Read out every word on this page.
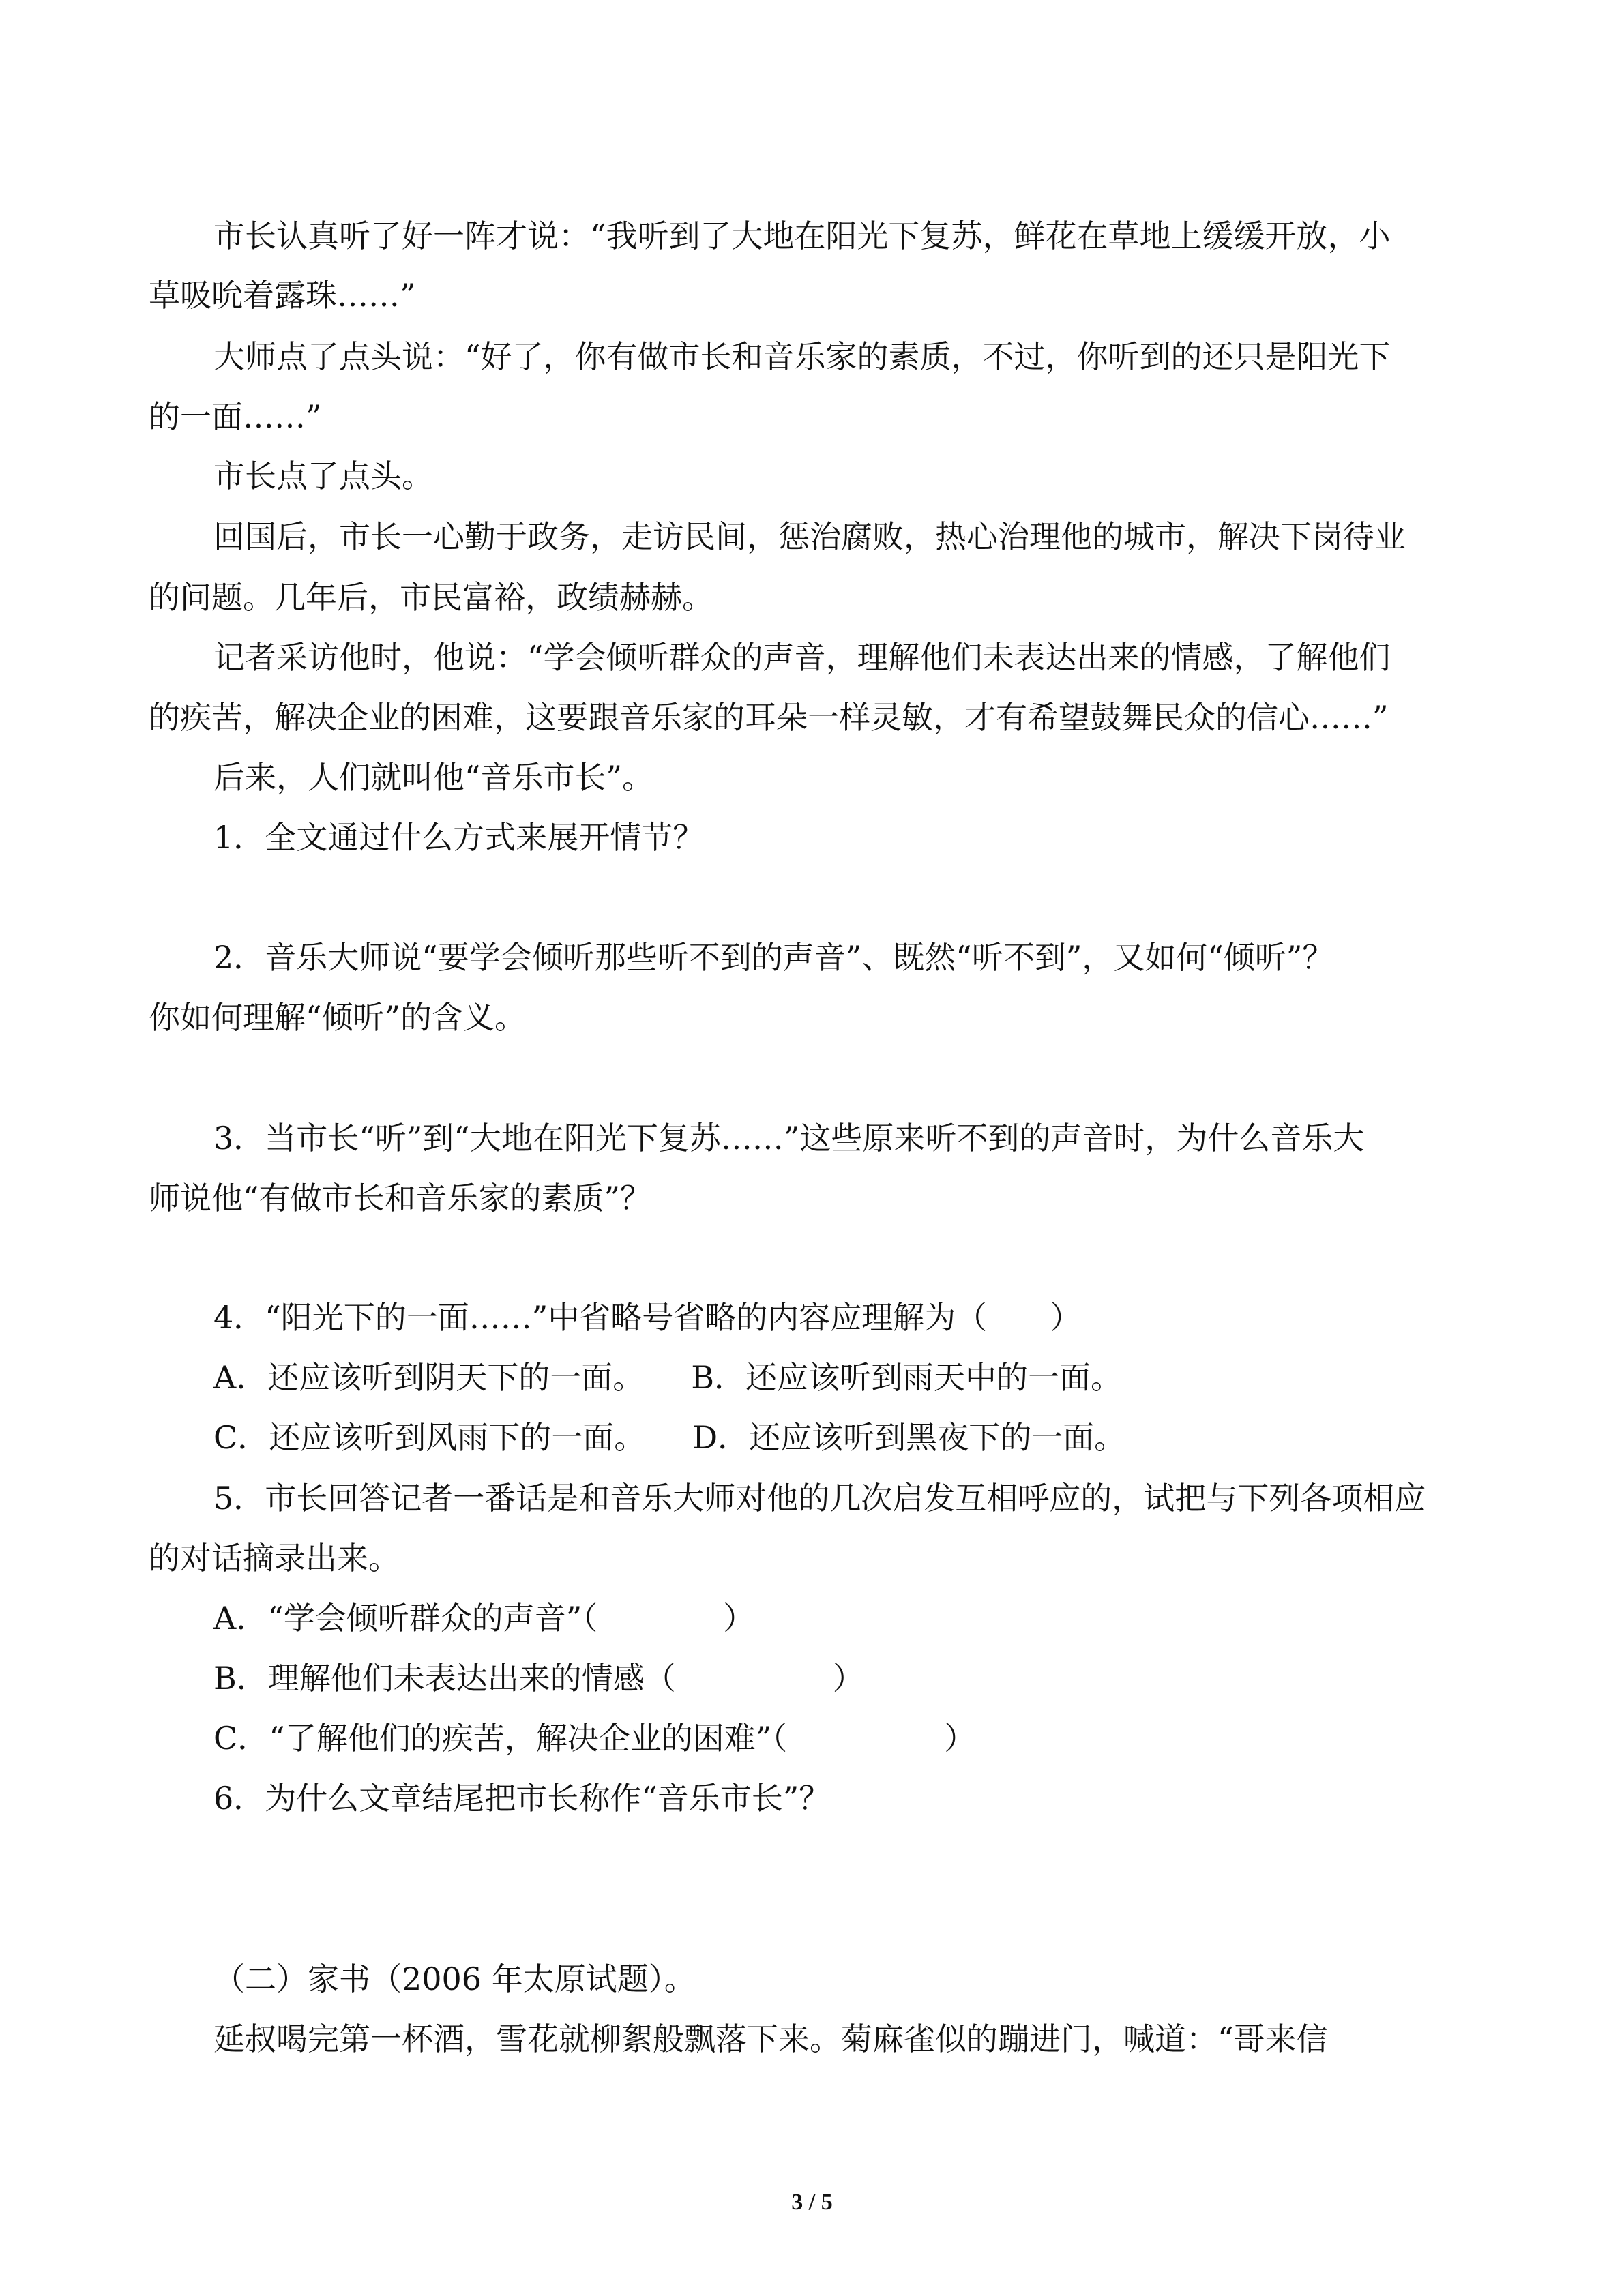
市长认真听了好一阵才说：“我听到了大地在阳光下复苏，鲜花在草地上缓缓开放，小
草吸吮着露珠……”
大师点了点头说：“好了，你有做市长和音乐家的素质，不过，你听到的还只是阳光下
的一面……”
市长点了点头。
回国后，市长一心勤于政务，走访民间，惩治腐败，热心治理他的城市，解决下岗待业
的问题。几年后，市民富裕，政绩赫赫。
记者采访他时，他说：“学会倾听群众的声音，理解他们未表达出来的情感，了解他们
的疾苦，解决企业的困难，这要跟音乐家的耳朵一样灵敏，才有希望鼓舞民众的信心……”
后来，人们就叫他“音乐市长”。
1．全文通过什么方式来展开情节？
2．音乐大师说“要学会倾听那些听不到的声音”、既然“听不到”，又如何“倾听”？
你如何理解“倾听”的含义。
3．当市长“听”到“大地在阳光下复苏……”这些原来听不到的声音时，为什么音乐大
师说他“有做市长和音乐家的素质”？
4．“阳光下的一面……”中省略号省略的内容应理解为（　　）
A．还应该听到阴天下的一面。　　B．还应该听到雨天中的一面。
C．还应该听到风雨下的一面。　　D．还应该听到黑夜下的一面。
5．市长回答记者一番话是和音乐大师对他的几次启发互相呼应的，试把与下列各项相应
的对话摘录出来。
A．“学会倾听群众的声音”（　　　　）
B．理解他们未表达出来的情感（　　　　　）
C．“了解他们的疾苦，解决企业的困难”（　　　　　）
6．为什么文章结尾把市长称作“音乐市长”？
（二）家书（2006 年太原试题）。
延叔喝完第一杯酒，雪花就柳絮般飘落下来。菊麻雀似的蹦进门，喊道：“哥来信
3 / 5
